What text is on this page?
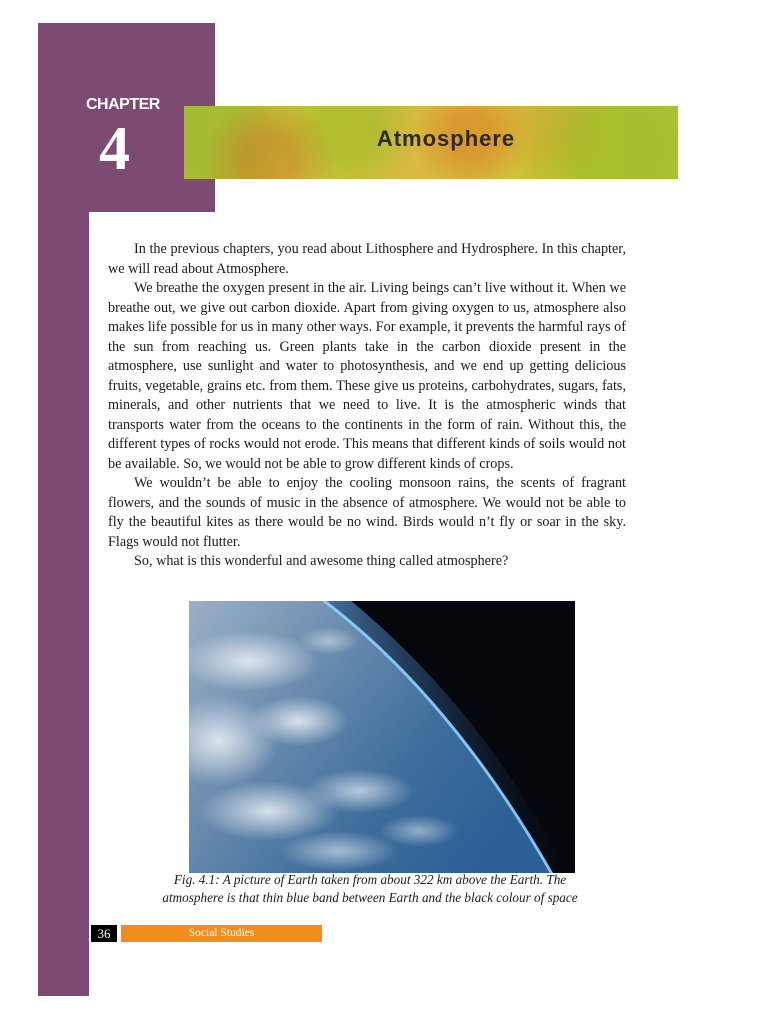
CHAPTER
4	Atmosphere

In the previous chapters, you read about Lithosphere and Hydrosphere. In this chapter, we will read about Atmosphere.

We breathe the oxygen present in the air. Living beings can’t live without it. When we breathe out, we give out carbon dioxide. Apart from giving oxygen to us, atmosphere also makes life possible for us in many other ways. For example, it prevents the harmful rays of the sun from reaching us. Green plants take in the carbon dioxide present in the atmosphere, use sunlight and water to photosynthesis, and we end up getting delicious fruits, vegetable, grains etc. from them. These give us proteins, carbohydrates, sugars, fats, minerals, and other nutrients that we need to live. It is the atmospheric winds that transports water from the oceans to the continents in the form of rain. Without this, the different types of rocks would not erode. This means that different kinds of soils would not be available. So, we would not be able to grow different kinds of crops.

We wouldn’t be able to enjoy the cooling monsoon rains, the scents of fragrant flowers, and the sounds of music in the absence of atmosphere. We would not be able to fly the beautiful kites as there would be no wind. Birds would n’t fly or soar in the sky. Flags would not flutter.

So, what is this wonderful and awesome thing called atmosphere?

Fig. 4.1: A picture of Earth taken from about 322 km above the Earth. The
atmosphere is that thin blue band between Earth and the black colour of space
36	Social Studies
